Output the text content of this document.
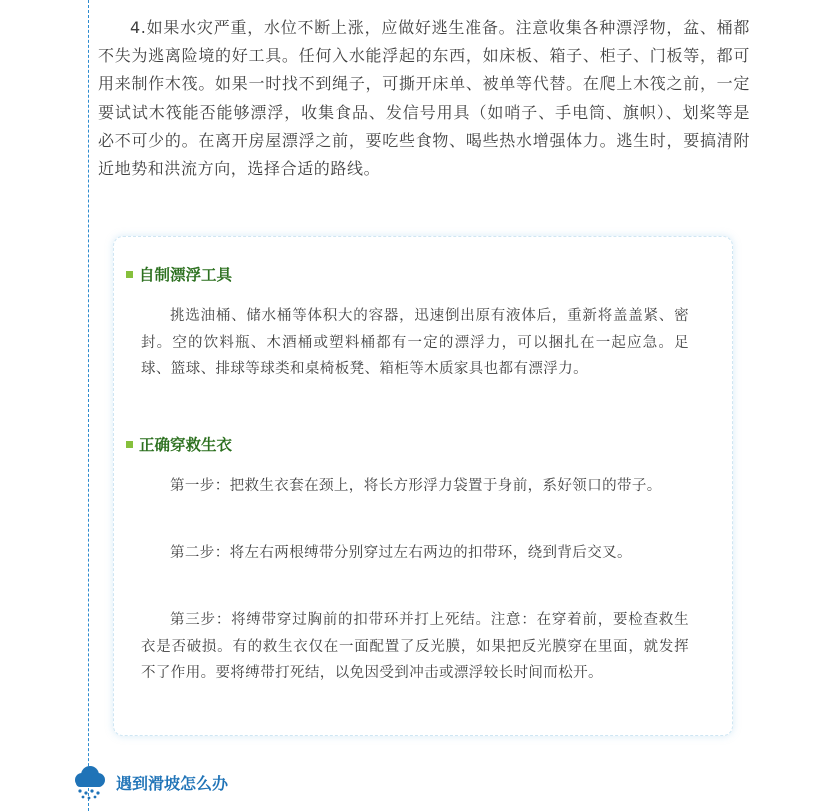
4.如果水灾严重，水位不断上涨，应做好逃生准备。注意收集各种漂浮物，盆、桶都不失为逃离险境的好工具。任何入水能浮起的东西，如床板、箱子、柜子、门板等，都可用来制作木筏。如果一时找不到绳子，可撕开床单、被单等代替。在爬上木筏之前，一定要试试木筏能否能够漂浮，收集食品、发信号用具（如哨子、手电筒、旗帜）、划桨等是必不可少的。在离开房屋漂浮之前，要吃些食物、喝些热水增强体力。逃生时，要搞清附近地势和洪流方向，选择合适的路线。

自制漂浮工具

挑选油桶、储水桶等体积大的容器，迅速倒出原有液体后，重新将盖盖紧、密封。空的饮料瓶、木酒桶或塑料桶都有一定的漂浮力，可以捆扎在一起应急。足球、篮球、排球等球类和桌椅板凳、箱柜等木质家具也都有漂浮力。

正确穿救生衣

第一步：把救生衣套在颈上，将长方形浮力袋置于身前，系好领口的带子。

第二步：将左右两根缚带分别穿过左右两边的扣带环，绕到背后交叉。

第三步：将缚带穿过胸前的扣带环并打上死结。注意：在穿着前，要检查救生衣是否破损。有的救生衣仅在一面配置了反光膜，如果把反光膜穿在里面，就发挥不了作用。要将缚带打死结，以免因受到冲击或漂浮较长时间而松开。

遇到滑坡怎么办
